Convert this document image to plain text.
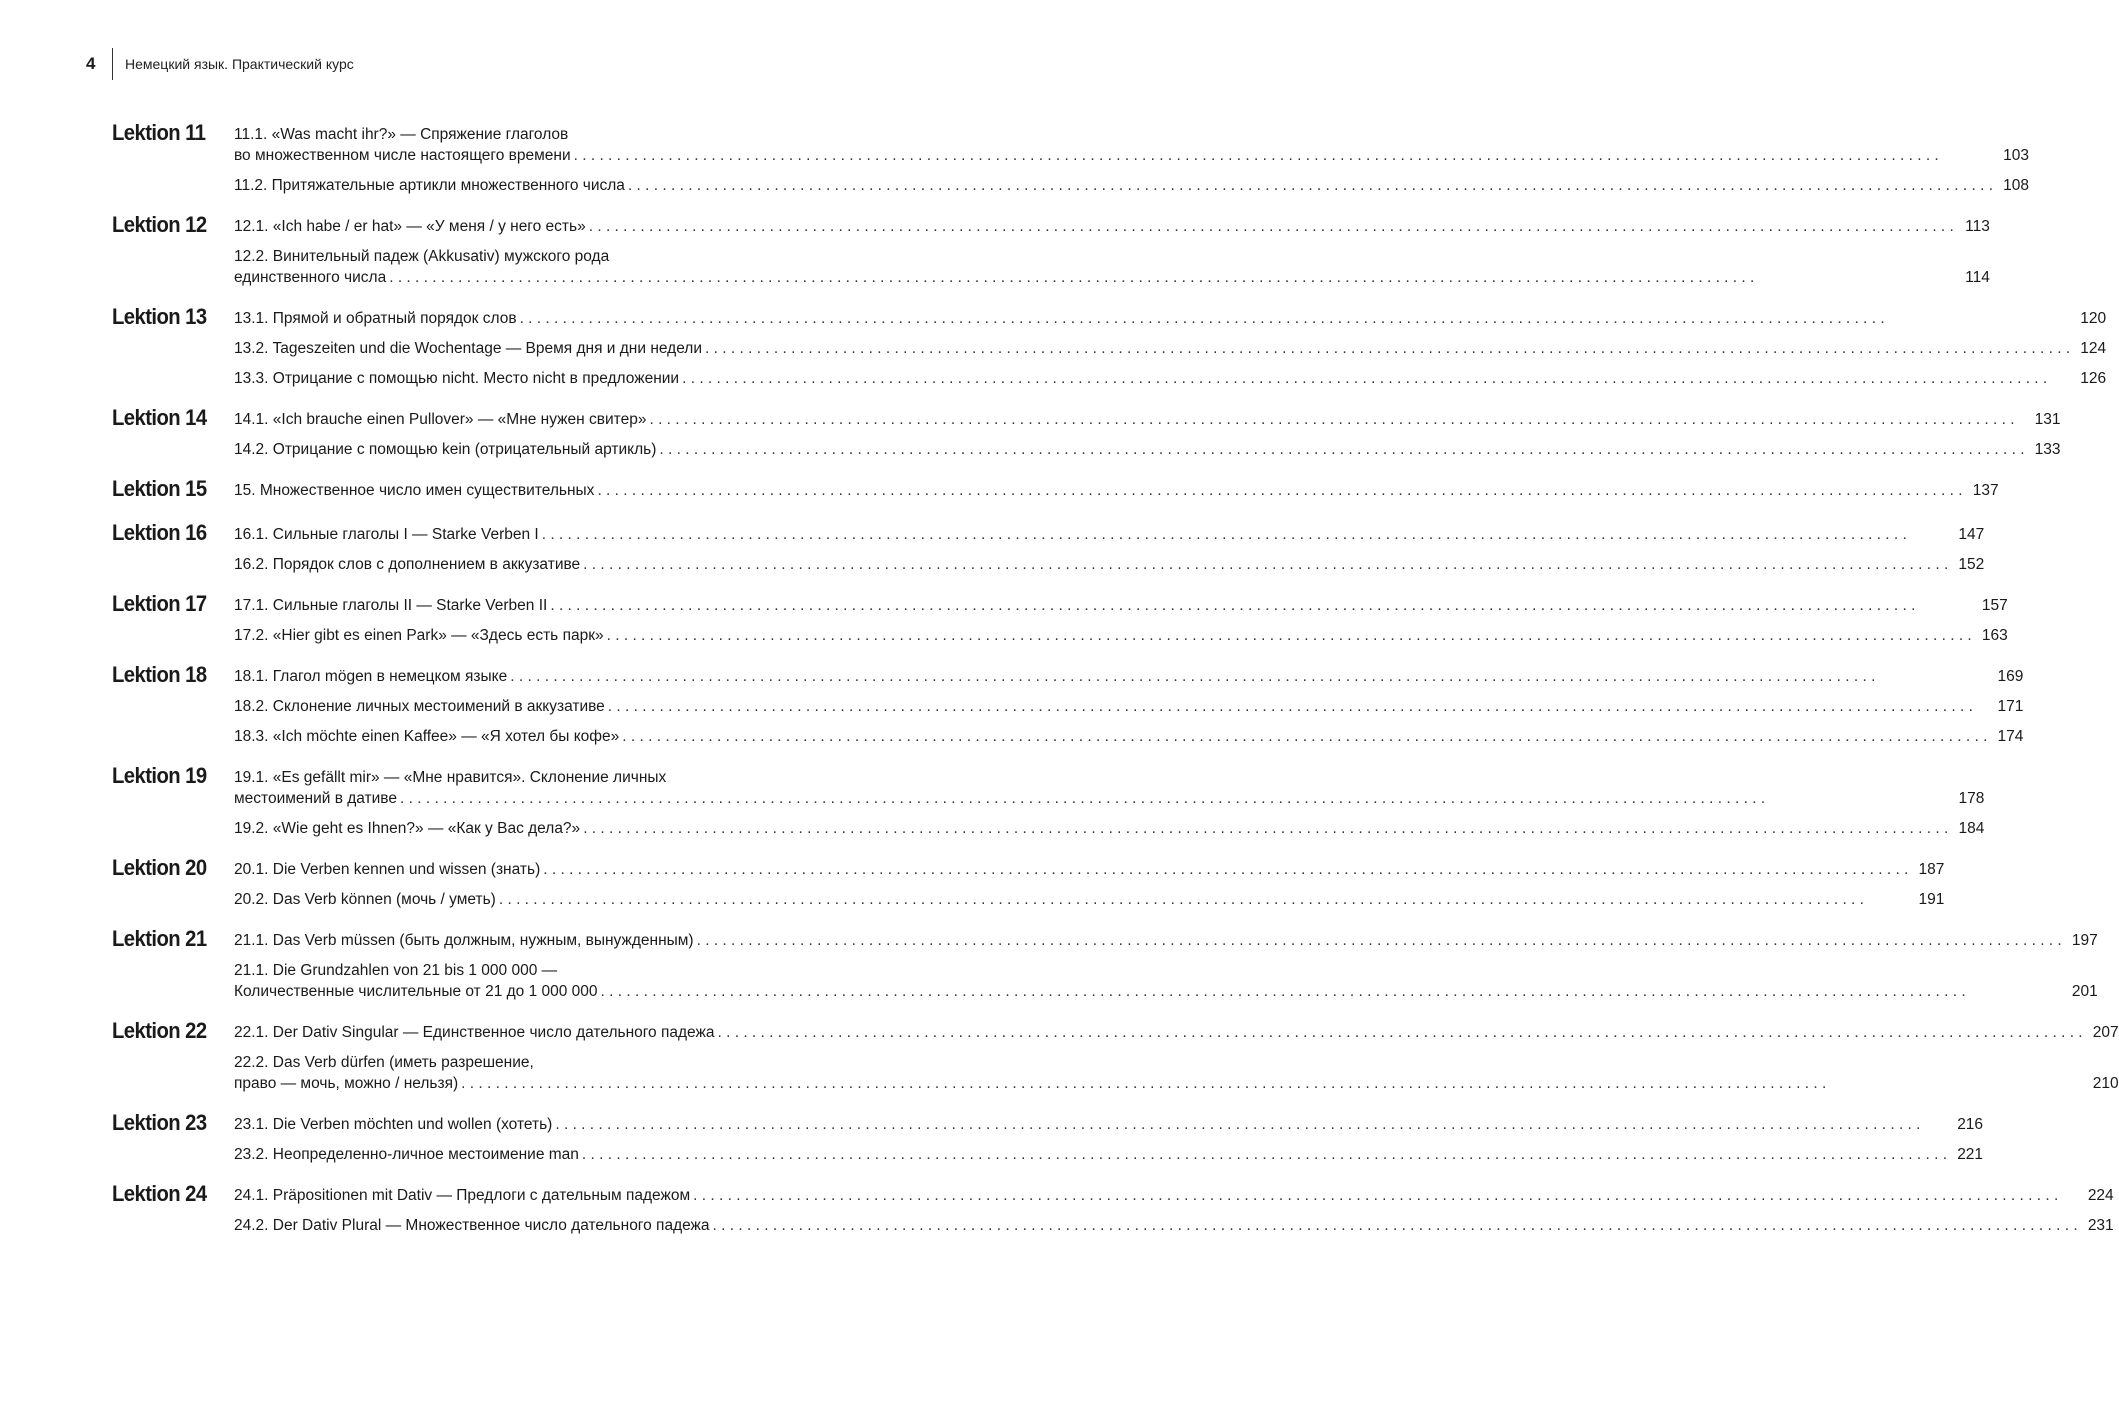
4	Немецкий язык. Практический курс
Lektion 11	11.1. «Was macht ihr?» — Спряжение глаголов
во множественном числе настоящего времени . . .	103
11.2. Притяжательные артикли множественного числа . . .	108
Lektion 12	12.1. «Ich habe / er hat» — «У меня / у него есть» . . .	113
12.2. Винительный падеж (Akkusativ) мужского рода
единственного числа . . .	114
Lektion 13	13.1. Прямой и обратный порядок слов . . .	120
13.2. Tageszeiten und die Wochentage — Время дня и дни недели . . .	124
13.3. Отрицание с помощью nicht. Место nicht в предложении . . .	126
Lektion 14	14.1. «Ich brauche einen Pullover» — «Мне нужен свитер» . . .	131
14.2. Отрицание с помощью kein (отрицательный артикль) . . .	133
Lektion 15	15. Множественное число имен существительных . . .	137
Lektion 16	16.1. Сильные глаголы I — Starke Verben I . . .	147
16.2. Порядок слов с дополнением в аккузативе . . .	152
Lektion 17	17.1. Сильные глаголы II — Starke Verben II . . .	157
17.2. «Hier gibt es einen Park» — «Здесь есть парк» . . .	163
Lektion 18	18.1. Глагол mögen в немецком языке . . .	169
18.2. Склонение личных местоимений в аккузативе . . .	171
18.3. «Ich möchte einen Kaffee» — «Я хотел бы кофе» . . .	174
Lektion 19	19.1. «Es gefällt mir» — «Мне нравится». Склонение личных
местоимений в дативе . . .	178
19.2. «Wie geht es Ihnen?» — «Как у Вас дела?» . . .	184
Lektion 20	20.1. Die Verben kennen und wissen (знать) . . .	187
20.2. Das Verb können (мочь / уметь) . . .	191
Lektion 21	21.1. Das Verb müssen (быть должным, нужным, вынужденным) . . .	197
21.1. Die Grundzahlen von 21 bis 1 000 000 —
Количественные числительные от 21 до 1 000 000 . . .	201
Lektion 22	22.1. Der Dativ Singular — Единственное число дательного падежа . . .	207
22.2. Das Verb dürfen (иметь разрешение,
право — мочь, можно / нельзя) . . .	210
Lektion 23	23.1. Die Verben möchten und wollen (хотеть) . . .	216
23.2. Неопределенно-личное местоимение man . . .	221
Lektion 24	24.1. Präpositionen mit Dativ — Предлоги с дательным падежом . . .	224
24.2. Der Dativ Plural — Множественное число дательного падежа . . .	231
